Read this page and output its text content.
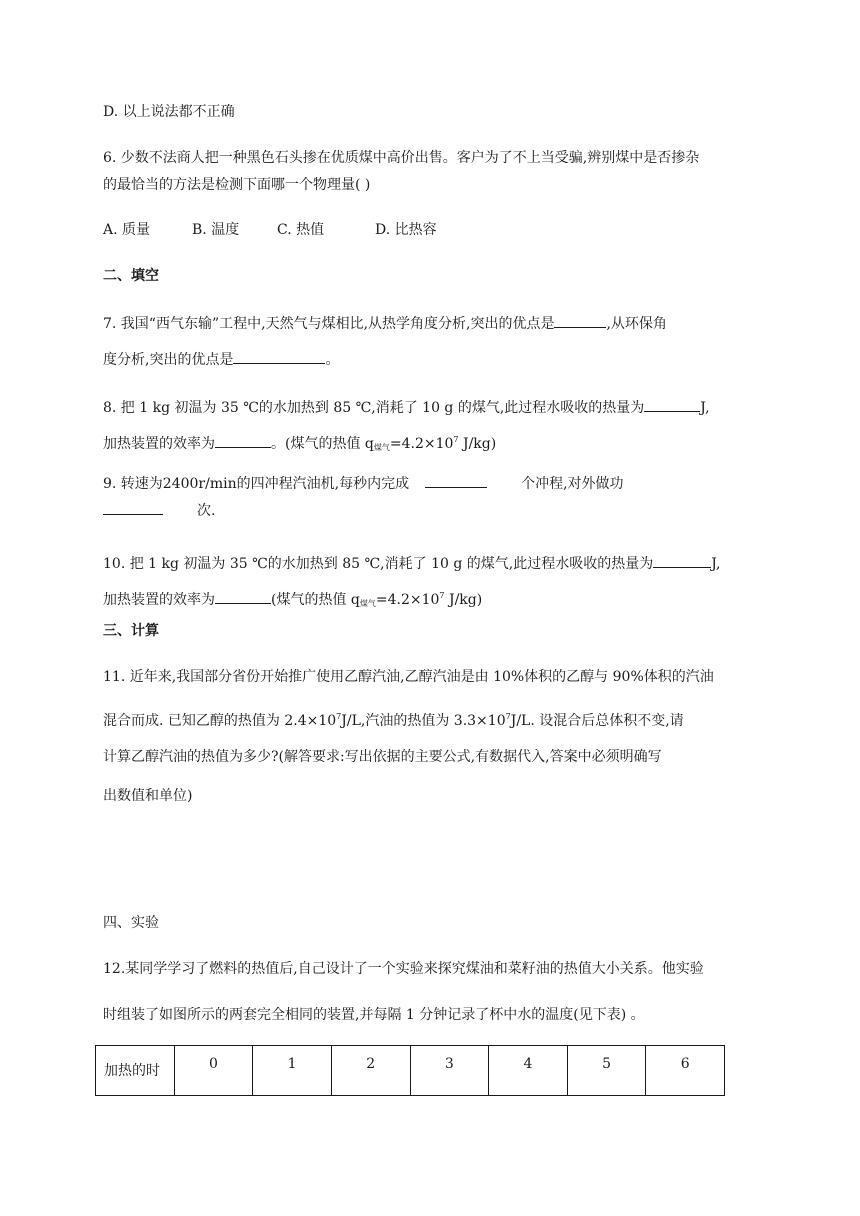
D. 以上说法都不正确
6. 少数不法商人把一种黑色石头掺在优质煤中高价出售。客户为了不上当受骗,辨别煤中是否掺杂
的最恰当的方法是检测下面哪一个物理量( )
A. 质量	B. 温度	C. 热值	D. 比热容
二、填空
7. 我国“西气东输”工程中,天然气与煤相比,从热学角度分析,突出的优点是	,从环保角
度分析,突出的优点是	。
8. 把 1 kg 初温为 35 ℃的水加热到 85 ℃,消耗了 10 g 的煤气,此过程水吸收的热量为	J,
加热装置的效率为	。(煤气的热值 $q_{煤气}=4.2\times 10^7$ J/kg)
9. 转速为2400r/min的四冲程汽油机,每秒内完成	个冲程,对外做功
次.
10. 把 1 kg 初温为 35 ℃的水加热到 85 ℃,消耗了 10 g 的煤气,此过程水吸收的热量为	J,
加热装置的效率为	(煤气的热值 $q_{煤气}=4.2\times 10^7$ J/kg)
三、计算
11. 近年来,我国部分省份开始推广使用乙醇汽油,乙醇汽油是由 10%体积的乙醇与 90%体积的汽油
混合而成. 已知乙醇的热值为 $2.4\times 10^7J/L$,汽油的热值为 $3.3\times 10^7J/L$. 设混合后总体积不变,请
计算乙醇汽油的热值为多少?(解答要求:写出依据的主要公式,有数据代入,答案中必须明确写
出数值和单位)
四、实验
12.某同学学习了燃料的热值后,自己设计了一个实验来探究煤油和菜籽油的热值大小关系。他实验
时组装了如图所示的两套完全相同的装置,并每隔 1 分钟记录了杯中水的温度(见下表) 。
加热的时	0	1	2	3	4	5	6
